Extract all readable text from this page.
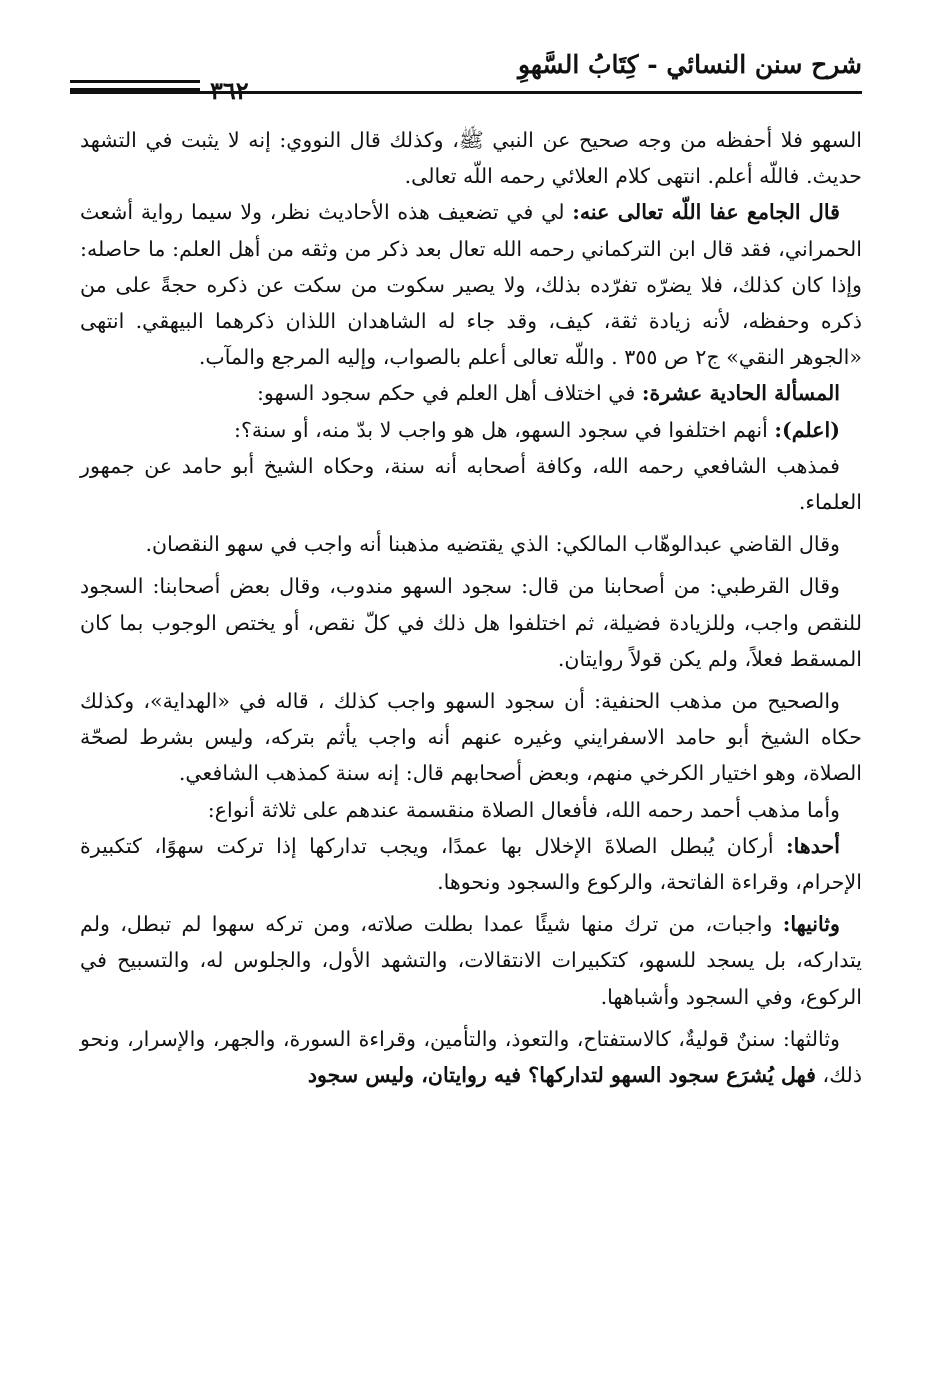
شرح سنن النسائي - كِتَابُ السَّهوِ
٣٦٢

السهو فلا أحفظه من وجه صحيح عن النبي ﷺ، وكذلك قال النووي: إنه لا يثبت في التشهد حديث. فاللّه أعلم. انتهى كلام العلائي رحمه اللّه تعالى.

قال الجامع عفا اللّه تعالى عنه: لي في تضعيف هذه الأحاديث نظر، ولا سيما رواية أشعث الحمراني، فقد قال ابن التركماني رحمه الله تعال بعد ذكر من وثقه من أهل العلم: ما حاصله: وإذا كان كذلك، فلا يضرّه تفرّده بذلك، ولا يصير سكوت من سكت عن ذكره حجةً على من ذكره وحفظه، لأنه زيادة ثقة، كيف، وقد جاء له الشاهدان اللذان ذكرهما البيهقي. انتهى «الجوهر النقي» ج٢ ص ٣٥٥ . واللّه تعالى أعلم بالصواب، وإليه المرجع والمآب.

المسألة الحادية عشرة: في اختلاف أهل العلم في حكم سجود السهو:

(اعلم): أنهم اختلفوا في سجود السهو، هل هو واجب لا بدّ منه، أو سنة؟:

فمذهب الشافعي رحمه الله، وكافة أصحابه أنه سنة، وحكاه الشيخ أبو حامد عن جمهور العلماء.

وقال القاضي عبدالوهّاب المالكي: الذي يقتضيه مذهبنا أنه واجب في سهو النقصان.

وقال القرطبي: من أصحابنا من قال: سجود السهو مندوب، وقال بعض أصحابنا: السجود للنقص واجب، وللزيادة فضيلة، ثم اختلفوا هل ذلك في كلّ نقص، أو يختص الوجوب بما كان المسقط فعلاً، ولم يكن قولاً روايتان.

والصحيح من مذهب الحنفية: أن سجود السهو واجب كذلك ، قاله في «الهداية»، وكذلك حكاه الشيخ أبو حامد الاسفرايني وغيره عنهم أنه واجب يأثم بتركه، وليس بشرط لصحّة الصلاة، وهو اختيار الكرخي منهم، وبعض أصحابهم قال: إنه سنة كمذهب الشافعي.

وأما مذهب أحمد رحمه الله، فأفعال الصلاة منقسمة عندهم على ثلاثة أنواع:

أحدها: أركان يُبطل الصلاةَ الإخلال بها عمدًا، ويجب تداركها إذا تركت سهوًا، كتكبيرة الإحرام، وقراءة الفاتحة، والركوع والسجود ونحوها.

وثانيها: واجبات، من ترك منها شيئًا عمدا بطلت صلاته، ومن تركه سهوا لم تبطل، ولم يتداركه، بل يسجد للسهو، كتكبيرات الانتقالات، والتشهد الأول، والجلوس له، والتسبيح في الركوع، وفي السجود وأشباهها.

وثالثها: سننٌ قوليةٌ، كالاستفتاح، والتعوذ، والتأمين، وقراءة السورة، والجهر، والإسرار، ونحو ذلك، فهل يُشرَع سجود السهو لتداركها؟ فيه روايتان، وليس سجود
